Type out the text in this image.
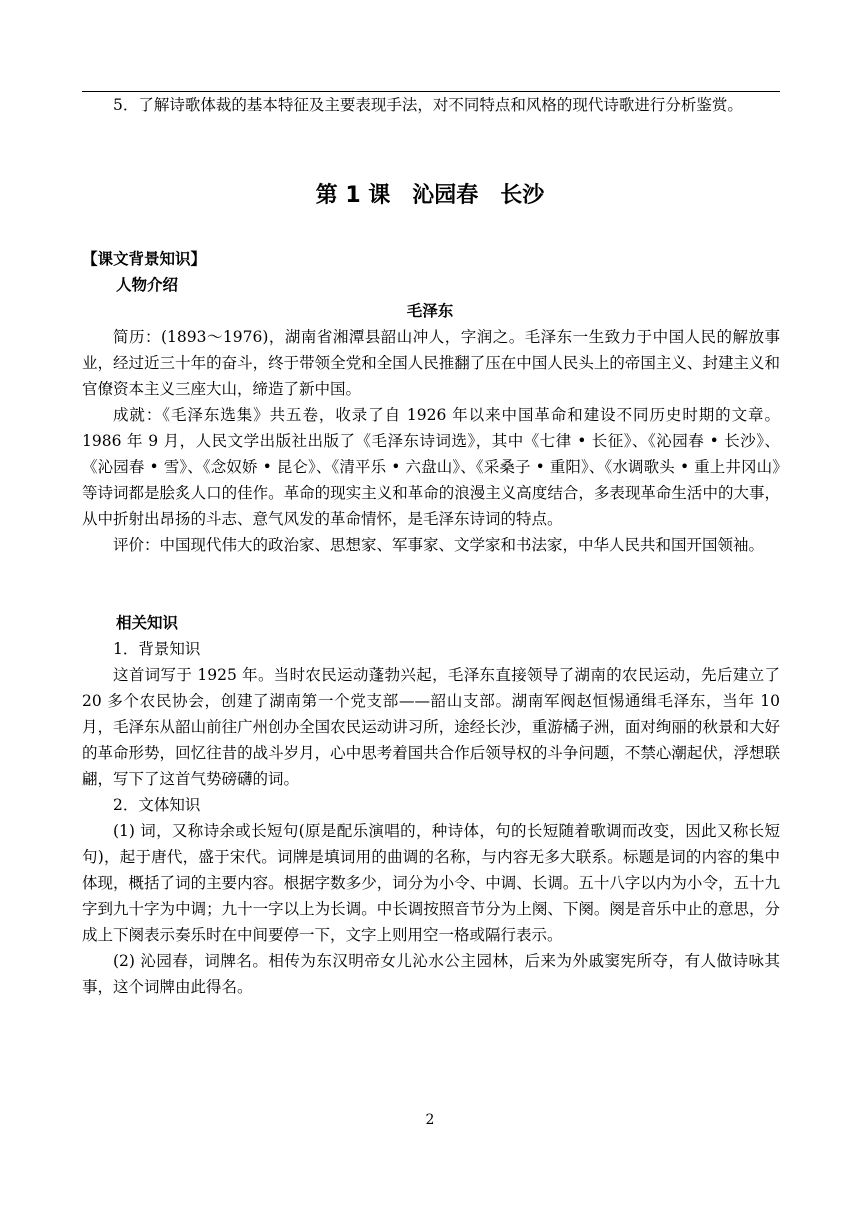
5．了解诗歌体裁的基本特征及主要表现手法，对不同特点和风格的现代诗歌进行分析鉴赏。

第 1 课　沁园春　长沙
【课文背景知识】
人物介绍
毛泽东

简历：(1893～1976)，湖南省湘潭县韶山冲人，字润之。毛泽东一生致力于中国人民的解放事业，经过近三十年的奋斗，终于带领全党和全国人民推翻了压在中国人民头上的帝国主义、封建主义和官僚资本主义三座大山，缔造了新中国。

成就：《毛泽东选集》共五卷，收录了自 1926 年以来中国革命和建设不同历史时期的文章。1986 年 9 月，人民文学出版社出版了《毛泽东诗词选》，其中《七律 • 长征》、《沁园春 • 长沙》、《沁园春 • 雪》、《念奴娇 • 昆仑》、《清平乐 • 六盘山》、《采桑子 • 重阳》、《水调歌头 • 重上井冈山》等诗词都是脍炙人口的佳作。革命的现实主义和革命的浪漫主义高度结合，多表现革命生活中的大事，从中折射出昂扬的斗志、意气风发的革命情怀，是毛泽东诗词的特点。

评价：中国现代伟大的政治家、思想家、军事家、文学家和书法家，中华人民共和国开国领袖。

相关知识

1．背景知识

这首词写于 1925 年。当时农民运动蓬勃兴起，毛泽东直接领导了湖南的农民运动，先后建立了 20 多个农民协会，创建了湖南第一个党支部——韶山支部。湖南军阀赵恒惕通缉毛泽东，当年 10 月，毛泽东从韶山前往广州创办全国农民运动讲习所，途经长沙，重游橘子洲，面对绚丽的秋景和大好的革命形势，回忆往昔的战斗岁月，心中思考着国共合作后领导权的斗争问题，不禁心潮起伏，浮想联翩，写下了这首气势磅礴的词。

2．文体知识

(1) 词，又称诗余或长短句(原是配乐演唱的，种诗体，句的长短随着歌调而改变，因此又称长短句)，起于唐代，盛于宋代。词牌是填词用的曲调的名称，与内容无多大联系。标题是词的内容的集中体现，概括了词的主要内容。根据字数多少，词分为小令、中调、长调。五十八字以内为小令，五十九字到九十字为中调；九十一字以上为长调。中长调按照音节分为上阕、下阕。阕是音乐中止的意思，分成上下阕表示奏乐时在中间要停一下，文字上则用空一格或隔行表示。

(2) 沁园春，词牌名。相传为东汉明帝女儿沁水公主园林，后来为外戚窦宪所夺，有人做诗咏其事，这个词牌由此得名。

2
